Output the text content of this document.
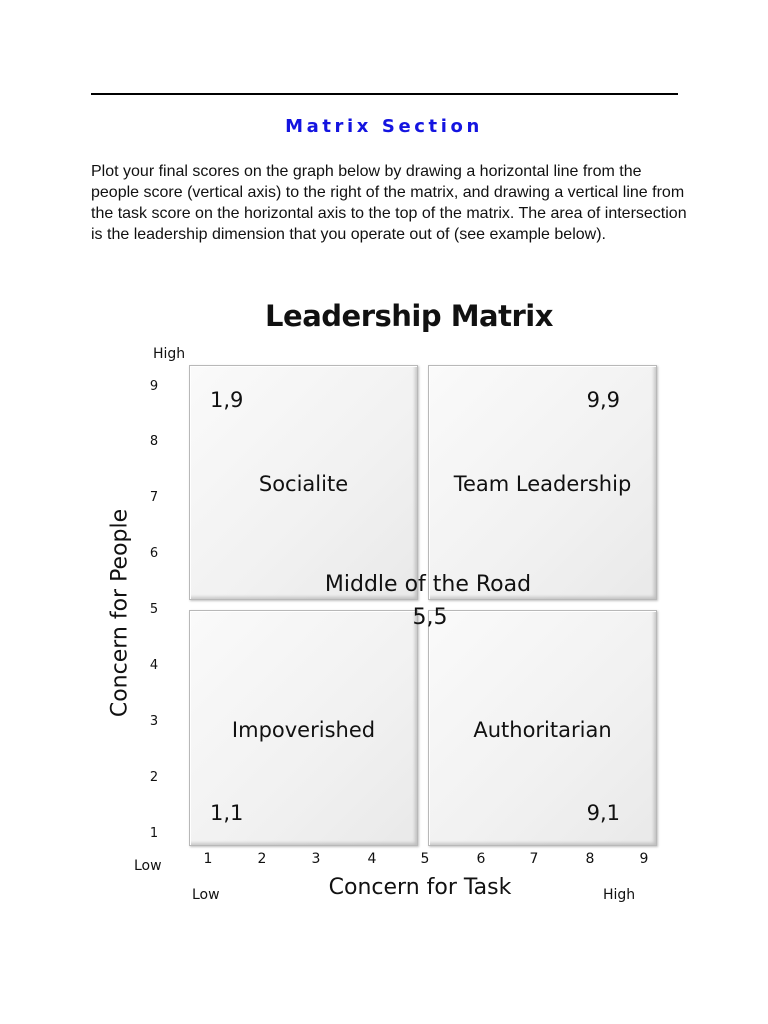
Matrix Section

Plot your final scores on the graph below by drawing a horizontal line from the people score (vertical axis) to the right of the matrix, and drawing a vertical line from the task score on the horizontal axis to the top of the matrix. The area of intersection is the leadership dimension that you operate out of (see example below).

Leadership Matrix
High
Low
9
8
7
6
5
4
3
2
1
Concern for People
1	2	3	4	5	6	7	8	9
Low	High
Concern for Task
1,9
Socialite
9,9
Team Leadership
1,1
Impoverished
9,1
Authoritarian
Middle of the Road
5,5
